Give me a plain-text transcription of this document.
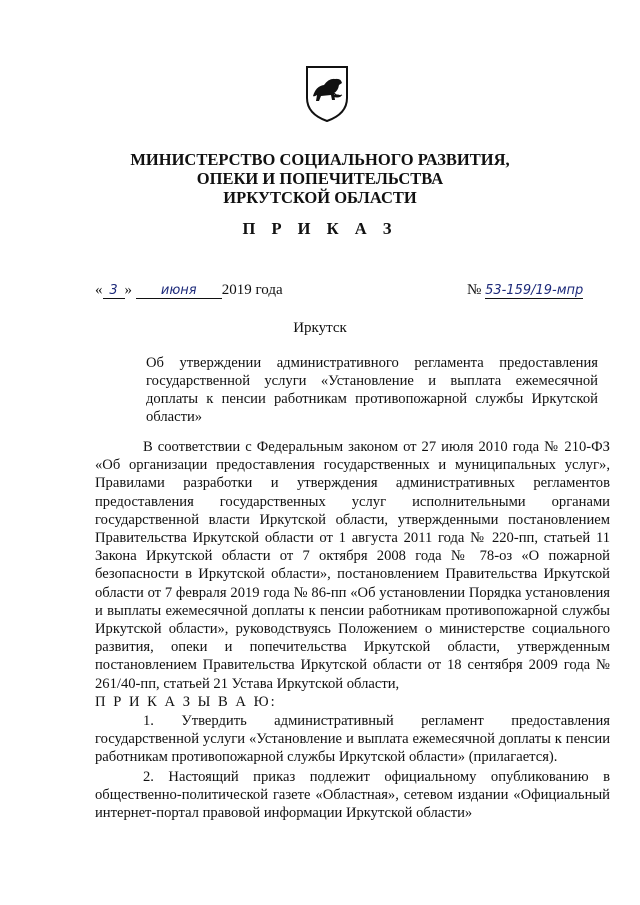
МИНИСТЕРСТВО СОЦИАЛЬНОГО РАЗВИТИЯ,
ОПЕКИ И ПОПЕЧИТЕЛЬСТВА
ИРКУТСКОЙ ОБЛАСТИ
П Р И К А З
« 3 » июня 2019 года	№ 53-159/19-мпр
Иркутск
Об утверждении административного регламента предоставления государственной услуги «Установление и выплата ежемесячной доплаты к пенсии работникам противопожарной службы Иркутской области»

В соответствии с Федеральным законом от 27 июля 2010 года № 210-ФЗ «Об организации предоставления государственных и муниципальных услуг», Правилами разработки и утверждения административных регламентов предоставления государственных услуг исполнительными органами государственной власти Иркутской области, утвержденными постановлением Правительства Иркутской области от 1 августа 2011 года № 220-пп, статьей 11 Закона Иркутской области от 7 октября 2008 года № 78-оз «О пожарной безопасности в Иркутской области», постановлением Правительства Иркутской области от 7 февраля 2019 года № 86-пп «Об установлении Порядка установления и выплаты ежемесячной доплаты к пенсии работникам противопожарной службы Иркутской области», руководствуясь Положением о министерстве социального развития, опеки и попечительства Иркутской области, утвержденным постановлением Правительства Иркутской области от 18 сентября 2009 года № 261/40-пп, статьей 21 Устава Иркутской области,

П Р И К А З Ы В А Ю:

1. Утвердить административный регламент предоставления государственной услуги «Установление и выплата ежемесячной доплаты к пенсии работникам противопожарной службы Иркутской области» (прилагается).

2. Настоящий приказ подлежит официальному опубликованию в общественно-политической газете «Областная», сетевом издании «Официальный интернет-портал правовой информации Иркутской области»
